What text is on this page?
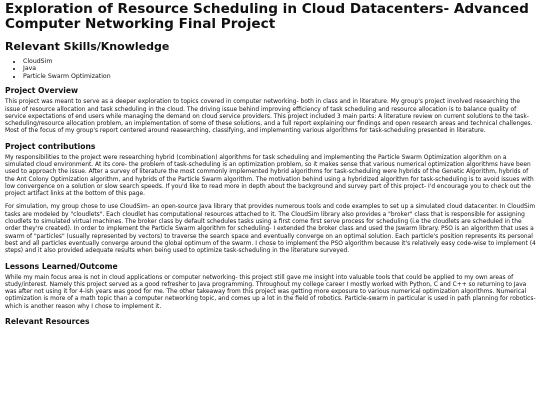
Exploration of Resource Scheduling in Cloud Datacenters- Advanced Computer Networking Final Project
Relevant Skills/Knowledge
• CloudSim
• Java
• Particle Swarm Optimization
Project Overview

This project was meant to serve as a deeper exploration to topics covered in computer networking- both in class and in literature. My group's project involved researching the issue of resource allocation and task scheduling in the cloud. The driving issue behind improving efficiency of task scheduling and resource allocation is to balance quality of service expectations of end users while managing the demand on cloud service providers. This project included 3 main parts: A literature review on current solutions to the task-scheduling/resource allocation problem, an implementation of some of these solutions, and a full report explaining our findings and open research areas and technical challenges. Most of the focus of my group's report centered around reasearching, classifying, and implementing various algorithms for task-scheduling presented in literature.

Project contributions

My responsibilities to the project were researching hybrid (combination) algorithms for task scheduling and implementing the Particle Swarm Optimization algorithm on a simulated cloud environment. At its core- the problem of task-scheduling is an optimization problem, so it makes sense that various numerical optimization algorithms have been used to approach the issue. After a survey of literature the most commonly implemented hybrid algorithms for task-scheduling were hybrids of the Genetic Algorithm, hybrids of the Ant Colony Optimization algorithm, and hybrids of the Particle Swarm algorithm. The motivation behind using a hybridized algorithm for task-scheduling is to avoid issues with low convergence on a solution or slow search speeds. If you'd like to read more in depth about the background and survey part of this project- I'd encourage you to check out the project artifact links at the bottom of this page.

For simulation, my group chose to use CloudSim- an open-source Java library that provides numerous tools and code examples to set up a simulated cloud datacenter. In CloudSim tasks are modeled by "cloudlets". Each cloudlet has computational resources attached to it. The CloudSim library also provides a "broker" class that is responsible for assigning cloudlets to simulated virtual machines. The broker class by default schedules tasks using a first come first serve process for scheduling (i.e the cloudlets are scheduled in the order they're created). In order to implement the Particle Swarm algorithm for scheduling- I extended the broker class and used the Jswarm library. PSO is an algorithm that uses a swarm of "particles" (usually represented by vectors) to traverse the search space and eventually converge on an optimal solution. Each particle's position represents its personal best and all particles eventually converge around the global optimum of the swarm. I chose to implement the PSO algorithm because it's relatively easy code-wise to implement (4 steps) and it also provided adequate results when being used to optimize task-scheduling in the literature surveyed.

Lessons Learned/Outcome

While my main focus area is not in cloud applications or computer networking- this project still gave me insight into valuable tools that could be applied to my own areas of study/interest. Namely this project served as a good refresher to Java programming. Throughout my college career I mostly worked with Python, C and C++ so returning to Java was after not using it for 4-ish years was good for me. The other takeaway from this project was getting more exposure to various numerical optimization algorithms. Numerical optimization is more of a math topic than a computer networking topic, and comes up a lot in the field of robotics. Particle-swarm in particular is used in path planning for robotics- which is another reason why I chose to implement it.

Relevant Resources
